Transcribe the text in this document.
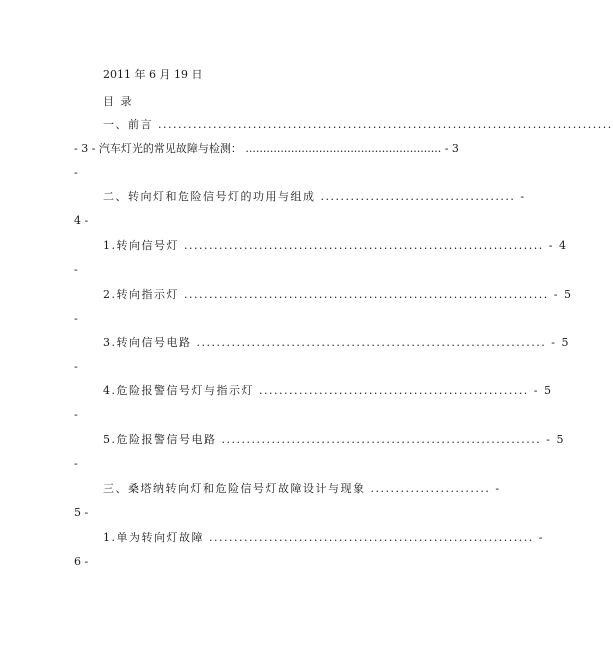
2011 年 6 月 19 日
目 录
一、前言 ...........................................................................................
- 3 - 汽车灯光的常见故障与检测： ........................................................ - 3
-
二、转向灯和危险信号灯的功用与组成 ....................................... -
4 -
1.转向信号灯 ........................................................................ - 4
-
2.转向指示灯 ......................................................................... - 5
-
3.转向信号电路 ...................................................................... - 5
-
4.危险报警信号灯与指示灯 ...................................................... - 5
-
5.危险报警信号电路 ................................................................ - 5
-
三、桑塔纳转向灯和危险信号灯故障设计与现象 ........................ -
5 -
1.单为转向灯故障 ................................................................. -
6 -
